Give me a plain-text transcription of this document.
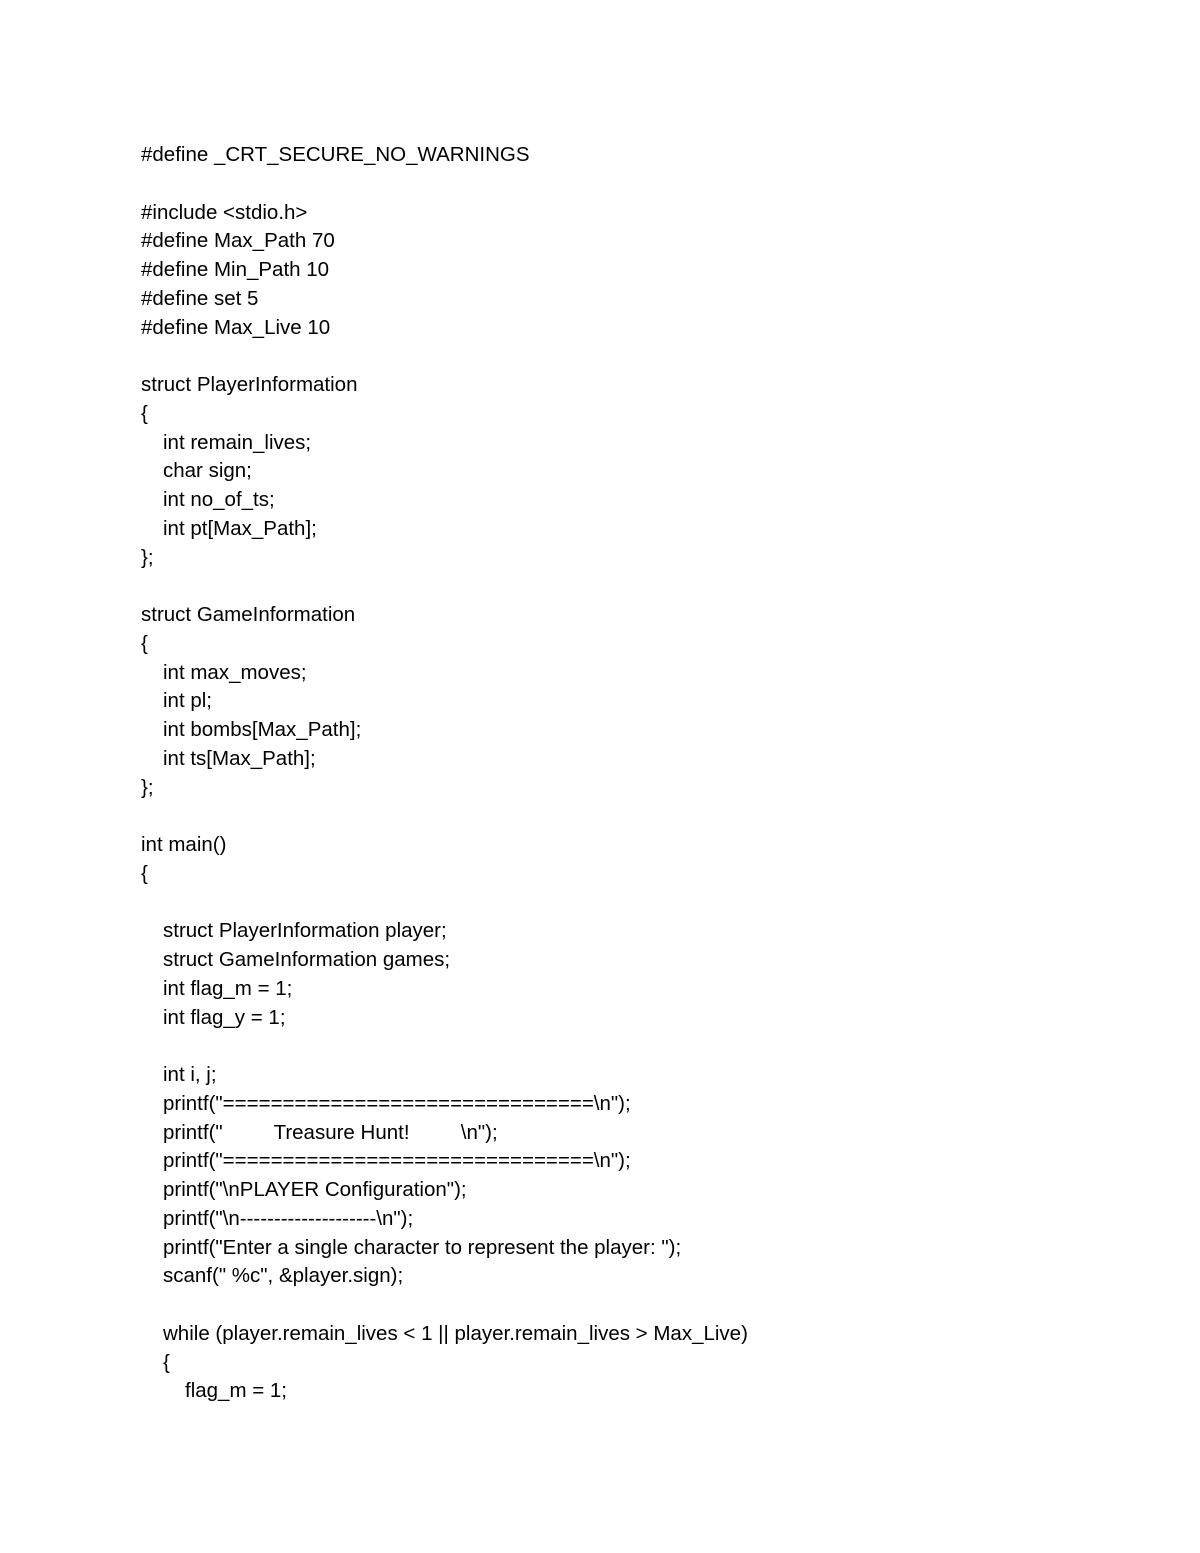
#define _CRT_SECURE_NO_WARNINGS
#include <stdio.h>
#define Max_Path 70
#define Min_Path 10
#define set 5
#define Max_Live 10
struct PlayerInformation
{
int remain_lives;
char sign;
int no_of_ts;
int pt[Max_Path];
};
struct GameInformation
{
int max_moves;
int pl;
int bombs[Max_Path];
int ts[Max_Path];
};
int main()
{
struct PlayerInformation player;
struct GameInformation games;
int flag_m = 1;
int flag_y = 1;
int i, j;
printf("===============================\n");
printf("         Treasure Hunt!         \n");
printf("===============================\n");
printf("\nPLAYER Configuration");
printf("\n--------------------\n");
printf("Enter a single character to represent the player: ");
scanf(" %c", &player.sign);
while (player.remain_lives < 1 || player.remain_lives > Max_Live)
{
flag_m = 1;
